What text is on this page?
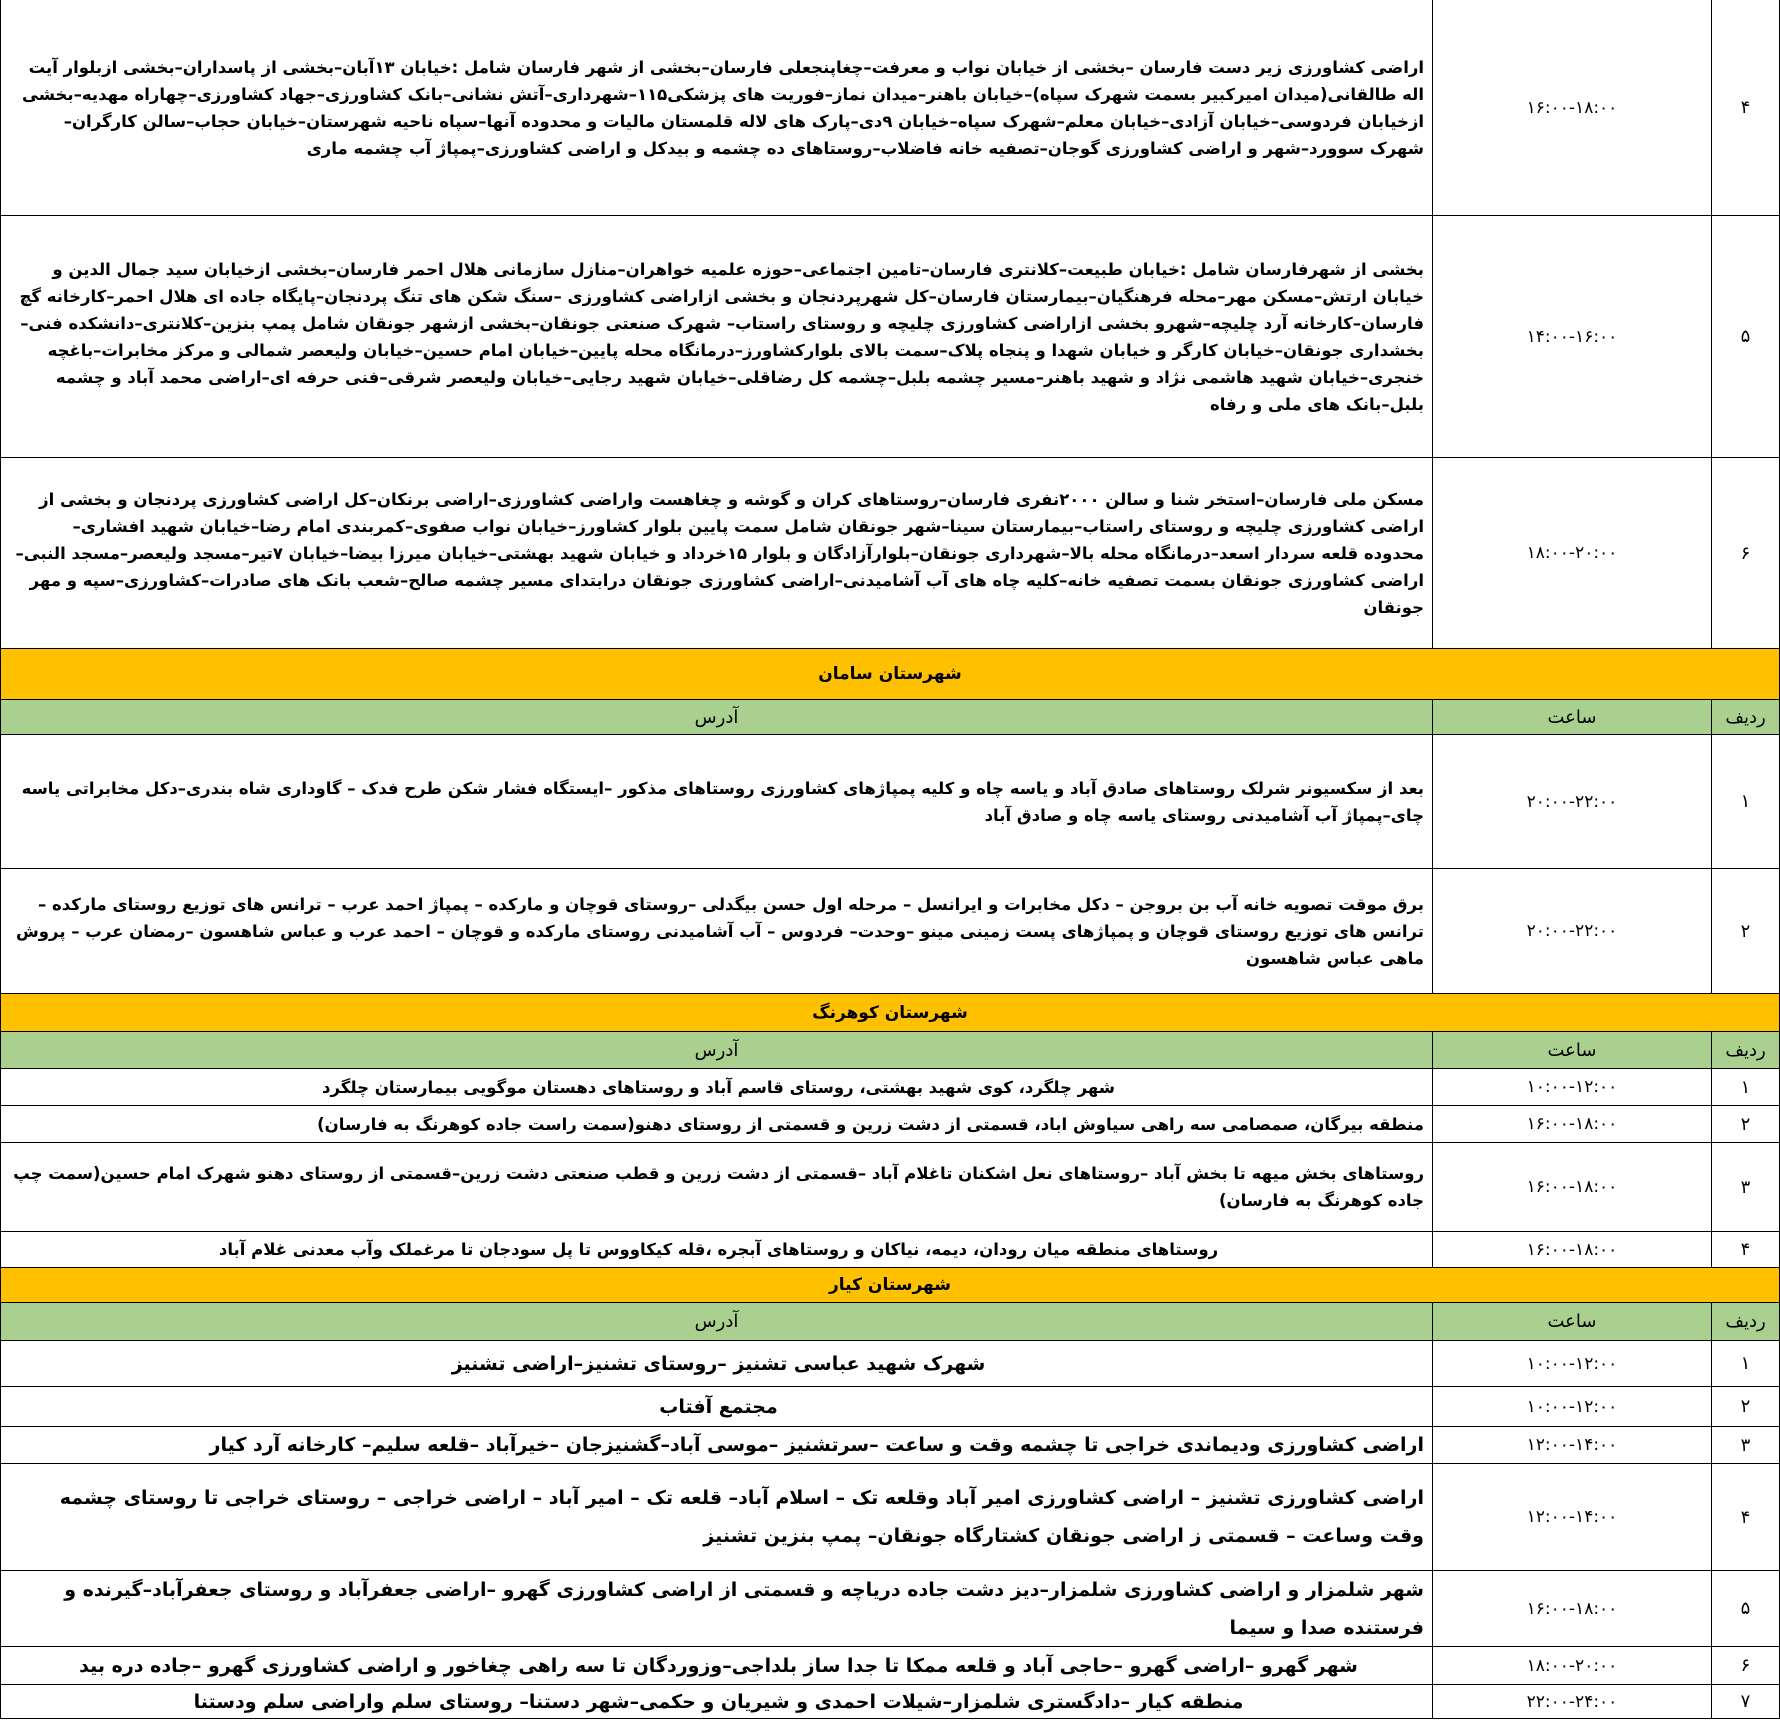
۴
۱۶:۰۰-۱۸:۰۰
اراضی کشاورزی زیر دست فارسان –بخشی از خیابان نواب و معرفت–چغاپنجعلی فارسان–بخشی از شهر فارسان شامل :خیابان ۱۳آبان–بخشی از پاسداران–بخشی ازبلوار آیت اله طالقانی(میدان امیرکبیر بسمت شهرک سپاه)–خیابان باهنر–میدان نماز–فوریت های پزشکی۱۱۵–شهرداری–آتش نشانی–بانک کشاورزی–جهاد کشاورزی–چهاراه مهدیه–بخشی ازخیابان فردوسی–خیابان آزادی–خیابان معلم–شهرک سپاه–خیابان ۹دی–پارک های لاله قلمستان مالیات و محدوده آنها–سپاه ناحیه شهرستان–خیابان حجاب–سالن کارگران–شهرک سوورد–شهر و اراضی کشاورزی گوجان–تصفیه خانه فاضلاب–روستاهای ده چشمه و بیدکل و اراضی کشاورزی–پمپاژ آب چشمه ماری
۵
۱۴:۰۰-۱۶:۰۰
بخشی از شهرفارسان شامل :خیابان طبیعت–کلانتری فارسان–تامین اجتماعی–حوزه علمیه خواهران–منازل سازمانی هلال احمر فارسان–بخشی ازخیابان سید جمال الدین و خیابان ارتش–مسکن مهر–محله فرهنگیان–بیمارستان فارسان–کل شهرپردنجان و بخشی ازاراضی کشاورزی –سنگ شکن های تنگ پردنجان–پایگاه جاده ای هلال احمر–کارخانه گچ فارسان–کارخانه آرد چلیچه–شهرو بخشی ازاراضی کشاورزی چلیچه و روستای راستاب– شهرک صنعتی جونقان–بخشی ازشهر جونقان شامل پمپ بنزین–کلانتری–دانشکده فنی–بخشداری جونقان–خیابان کارگر و خیابان شهدا و پنجاه پلاک–سمت بالای بلوارکشاورز–درمانگاه محله پایین–خیابان امام حسین–خیابان ولیعصر شمالی و مرکز مخابرات–باغچه خنجری–خیابان شهید هاشمی نژاد و شهید باهنر–مسیر چشمه بلبل–چشمه کل رضاقلی–خیابان شهید رجایی–خیابان ولیعصر شرقی–فنی حرفه ای–اراضی محمد آباد و چشمه بلبل–بانک های ملی و رفاه
۶
۱۸:۰۰-۲۰:۰۰
مسکن ملی فارسان–استخر شنا و سالن ۲۰۰۰نفری فارسان–روستاهای کران و گوشه و چغاهست واراضی کشاورزی–اراضی برنکان–کل اراضی کشاورزی پردنجان و بخشی از اراضی کشاورزی چلیچه و روستای راستاب–بیمارستان سینا–شهر جونقان شامل سمت پایین بلوار کشاورز–خیابان نواب صفوی–کمربندی امام رضا–خیابان شهید افشاری–محدوده قلعه سردار اسعد–درمانگاه محله بالا–شهرداری جونقان–بلوارآزادگان و بلوار ۱۵خرداد و خیابان شهید بهشتی–خیابان میرزا بیضا–خیابان ۷تیر–مسجد ولیعصر–مسجد النبی–اراضی کشاورزی جونقان بسمت تصفیه خانه–کلیه چاه های آب آشامیدنی–اراضی کشاورزی جونقان درابتدای مسیر چشمه صالح–شعب بانک های صادرات–کشاورزی–سپه و مهر جونقان
شهرستان سامان
ردیف
ساعت
آدرس
۱
۲۰:۰۰-۲۲:۰۰
بعد از سکسیونر شرلک روستاهای صادق آباد و یاسه چاه و کلیه پمپاژهای کشاورزی روستاهای مذکور –ایستگاه فشار شکن طرح فدک – گاوداری شاه بندری–دکل مخابراتی یاسه چای–پمپاژ آب آشامیدنی روستای یاسه چاه و صادق آباد
۲
۲۰:۰۰-۲۲:۰۰
برق موقت تصویه خانه آب بن بروجن – دکل مخابرات و ایرانسل – مرحله اول حسن بیگدلی –روستای قوچان و مارکده – پمپاژ احمد عرب – ترانس های توزیع روستای مارکده – ترانس های توزیع روستای قوچان و پمپاژهای پست زمینی مینو –وحدت– فردوس – آب آشامیدنی روستای مارکده و قوچان – احمد عرب و عباس شاهسون –رمضان عرب – پروش ماهی عباس شاهسون
شهرستان کوهرنگ
ردیف
ساعت
آدرس
۱
۱۰:۰۰-۱۲:۰۰
شهر چلگرد، کوی شهید بهشتی، روستای قاسم آباد و روستاهای دهستان موگویی بیمارستان چلگرد
۲
۱۶:۰۰-۱۸:۰۰
منطقه بیرگان، صمصامی سه راهی سیاوش اباد، قسمتی از دشت زرین و قسمتی از روستای دهنو(سمت راست جاده کوهرنگ به فارسان)
۳
۱۶:۰۰-۱۸:۰۰
روستاهای بخش میهه تا بخش آباد –روستاهای نعل اشکنان تاغلام آباد –قسمتی از دشت زرین و قطب صنعتی دشت زرین–قسمتی از روستای دهنو شهرک امام حسین(سمت چپ جاده کوهرنگ به فارسان)
۴
۱۶:۰۰-۱۸:۰۰
روستاهای منطقه میان رودان، دیمه، نیاکان و روستاهای آبجره ،قله کیکاووس تا پل سودجان تا مرغملک وآب معدنی غلام آباد
شهرستان کیار
ردیف
ساعت
آدرس
۱
۱۰:۰۰-۱۲:۰۰
شهرک شهید عباسی تشنیز –روستای تشنیز–اراضی تشنیز
۲
۱۰:۰۰-۱۲:۰۰
مجتمع آفتاب
۳
۱۲:۰۰-۱۴:۰۰
اراضی کشاورزی ودیماندی خراجی تا چشمه وقت و ساعت –سرتشنیز –موسی آباد–گشنیزجان –خیرآباد –قلعه سلیم– کارخانه آرد کیار
۴
۱۲:۰۰-۱۴:۰۰
اراضی کشاورزی تشنیز – اراضی کشاورزی امیر آباد وقلعه تک – اسلام آباد– قلعه تک – امیر آباد – اراضی خراجی – روستای خراجی تا روستای چشمه وقت وساعت – قسمتی ز اراضی جونقان کشتارگاه جونقان– پمپ بنزین تشنیز
۵
۱۶:۰۰-۱۸:۰۰
شهر شلمزار و اراضی کشاورزی شلمزار–دیز دشت جاده دریاچه و قسمتی از اراضی کشاورزی گهرو –اراضی جعفرآباد و روستای جعفرآباد–گیرنده و فرستنده صدا و سیما
۶
۱۸:۰۰-۲۰:۰۰
شهر گهرو –اراضی گهرو –حاجی آباد و قلعه ممکا تا جدا ساز بلداجی–وزوردگان تا سه راهی چغاخور و اراضی کشاورزی گهرو –جاده دره بید
۷
۲۲:۰۰-۲۴:۰۰
منطقه کیار –دادگستری شلمزار–شیلات احمدی و شیریان و حکمی–شهر دستنا– روستای سلم واراضی سلم ودستنا
